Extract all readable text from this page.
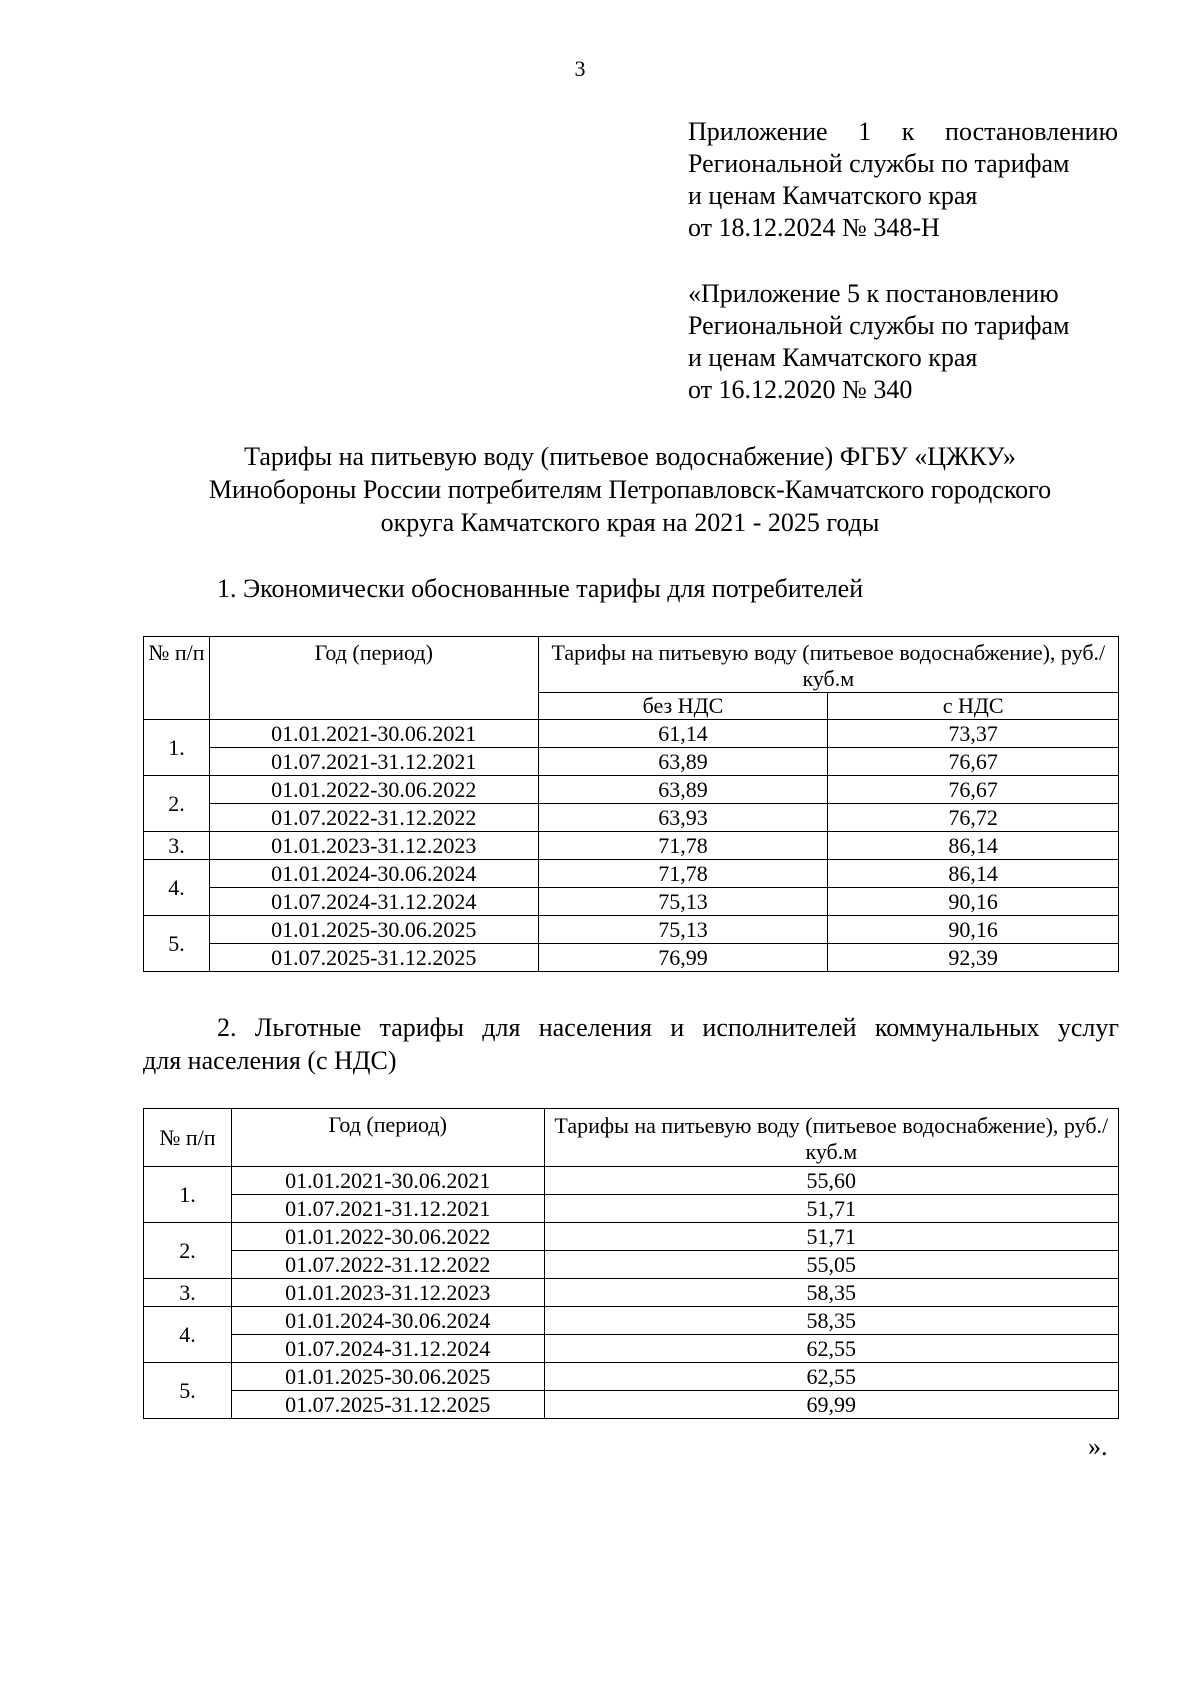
3
Приложение 1 к постановлению
Региональной службы по тарифам
и ценам Камчатского края
от 18.12.2024 № 348-Н
«Приложение 5 к постановлению
Региональной службы по тарифам
и ценам Камчатского края
от 16.12.2020 № 340
Тарифы на питьевую воду (питьевое водоснабжение) ФГБУ «ЦЖКУ»
Минобороны России потребителям Петропавловск-Камчатского городского
округа Камчатского края на 2021 - 2025 годы
1. Экономически обоснованные тарифы для потребителей
№ п/п	Год (период)	Тарифы на питьевую воду (питьевое водоснабжение), руб./куб.м	
		без НДС	с НДС
1.	01.01.2021-30.06.2021	61,14	73,37
	01.07.2021-31.12.2021	63,89	76,67
2.	01.01.2022-30.06.2022	63,89	76,67
	01.07.2022-31.12.2022	63,93	76,72
3.	01.01.2023-31.12.2023	71,78	86,14
4.	01.01.2024-30.06.2024	71,78	86,14
	01.07.2024-31.12.2024	75,13	90,16
5.	01.01.2025-30.06.2025	75,13	90,16
	01.07.2025-31.12.2025	76,99	92,39
2. Льготные тарифы для населения и исполнителей коммунальных услуг
для населения (с НДС)
№ п/п	Год (период)	Тарифы на питьевую воду (питьевое водоснабжение), руб./куб.м
1.	01.01.2021-30.06.2021	55,60
	01.07.2021-31.12.2021	51,71
2.	01.01.2022-30.06.2022	51,71
	01.07.2022-31.12.2022	55,05
3.	01.01.2023-31.12.2023	58,35
4.	01.01.2024-30.06.2024	58,35
	01.07.2024-31.12.2024	62,55
5.	01.01.2025-30.06.2025	62,55
	01.07.2025-31.12.2025	69,99
».
